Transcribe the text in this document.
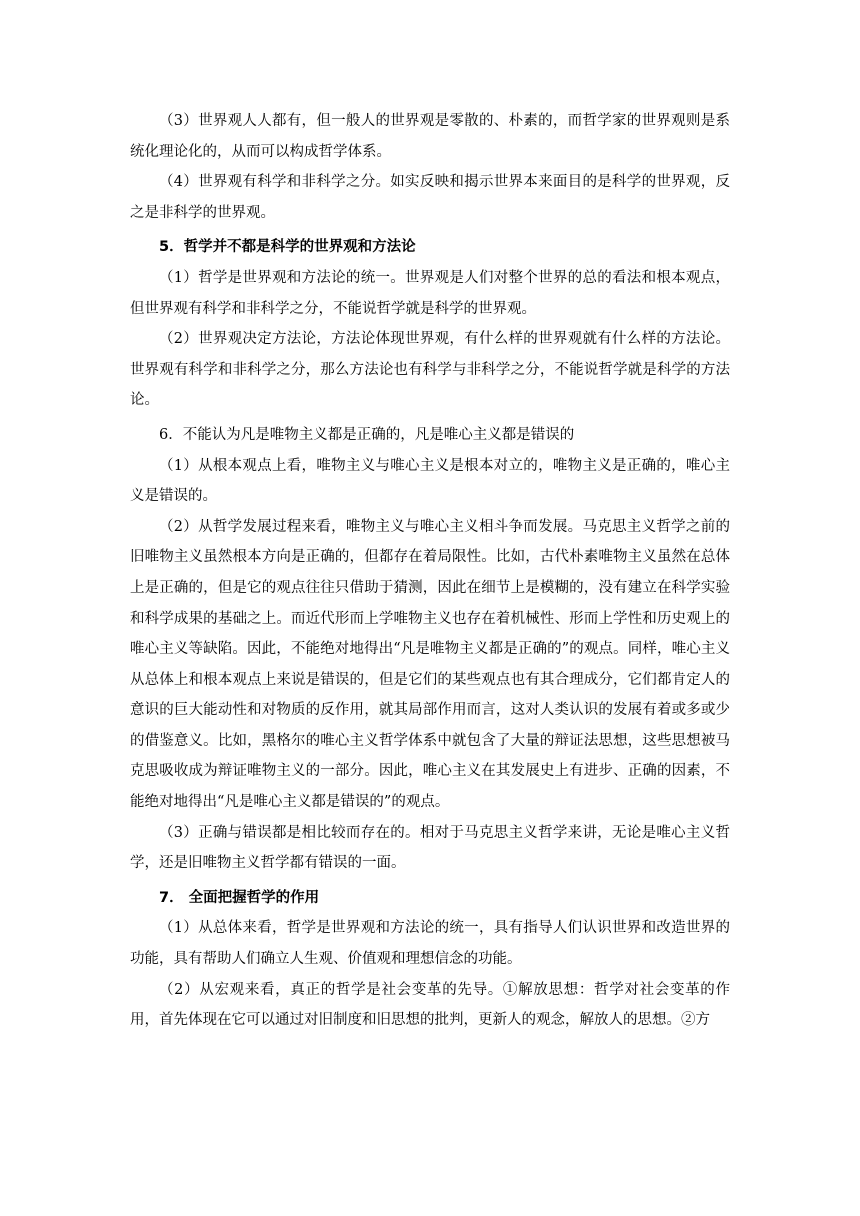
（3）世界观人人都有，但一般人的世界观是零散的、朴素的，而哲学家的世界观则是系统化理论化的，从而可以构成哲学体系。

（4）世界观有科学和非科学之分。如实反映和揭示世界本来面目的是科学的世界观，反之是非科学的世界观。

5．哲学并不都是科学的世界观和方法论

（1）哲学是世界观和方法论的统一。世界观是人们对整个世界的总的看法和根本观点，但世界观有科学和非科学之分，不能说哲学就是科学的世界观。

（2）世界观决定方法论，方法论体现世界观，有什么样的世界观就有什么样的方法论。世界观有科学和非科学之分，那么方法论也有科学与非科学之分，不能说哲学就是科学的方法论。

6．不能认为凡是唯物主义都是正确的，凡是唯心主义都是错误的

（1）从根本观点上看，唯物主义与唯心主义是根本对立的，唯物主义是正确的，唯心主义是错误的。

（2）从哲学发展过程来看，唯物主义与唯心主义相斗争而发展。马克思主义哲学之前的旧唯物主义虽然根本方向是正确的，但都存在着局限性。比如，古代朴素唯物主义虽然在总体上是正确的，但是它的观点往往只借助于猜测，因此在细节上是模糊的，没有建立在科学实验和科学成果的基础之上。而近代形而上学唯物主义也存在着机械性、形而上学性和历史观上的唯心主义等缺陷。因此，不能绝对地得出“凡是唯物主义都是正确的”的观点。同样，唯心主义从总体上和根本观点上来说是错误的，但是它们的某些观点也有其合理成分，它们都肯定人的意识的巨大能动性和对物质的反作用，就其局部作用而言，这对人类认识的发展有着或多或少的借鉴意义。比如，黑格尔的唯心主义哲学体系中就包含了大量的辩证法思想，这些思想被马克思吸收成为辩证唯物主义的一部分。因此，唯心主义在其发展史上有进步、正确的因素，不能绝对地得出“凡是唯心主义都是错误的”的观点。

（3）正确与错误都是相比较而存在的。相对于马克思主义哲学来讲，无论是唯心主义哲学，还是旧唯物主义哲学都有错误的一面。

7． 全面把握哲学的作用

（1）从总体来看，哲学是世界观和方法论的统一，具有指导人们认识世界和改造世界的功能，具有帮助人们确立人生观、价值观和理想信念的功能。

（2）从宏观来看，真正的哲学是社会变革的先导。①解放思想：哲学对社会变革的作用，首先体现在它可以通过对旧制度和旧思想的批判，更新人的观念，解放人的思想。②方
